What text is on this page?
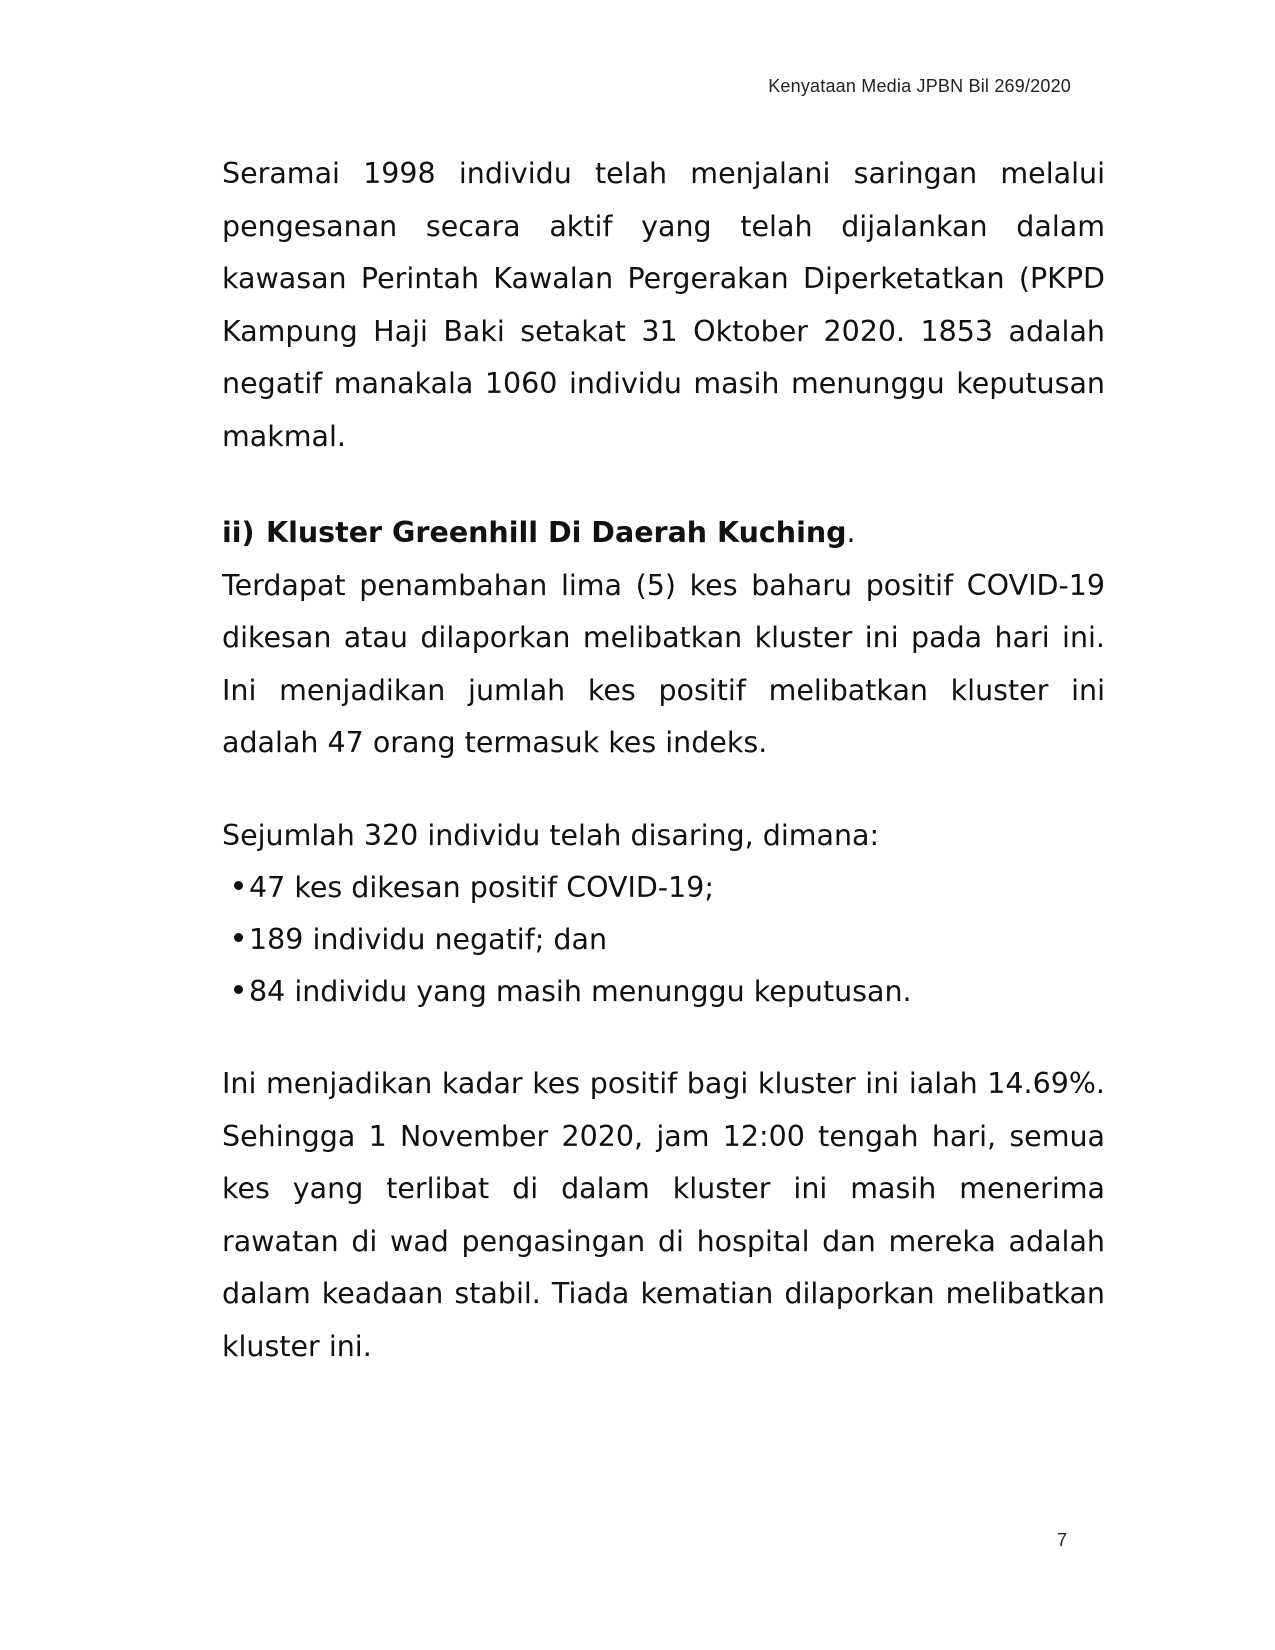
Kenyataan Media JPBN Bil 269/2020

Seramai 1998 individu telah menjalani saringan melalui pengesanan secara aktif yang telah dijalankan dalam kawasan Perintah Kawalan Pergerakan Diperketatkan (PKPD Kampung Haji Baki setakat 31 Oktober 2020. 1853 adalah negatif manakala 1060 individu masih menunggu keputusan makmal.

ii) Kluster Greenhill Di Daerah Kuching .

Terdapat penambahan lima (5) kes baharu positif COVID-19 dikesan atau dilaporkan melibatkan kluster ini pada hari ini. Ini menjadikan jumlah kes positif melibatkan kluster ini adalah 47 orang termasuk kes indeks.

Sejumlah 320 individu telah disaring, dimana:

47 kes dikesan positif COVID-19;
189 individu negatif; dan
84 individu yang masih menunggu keputusan.

Ini menjadikan kadar kes positif bagi kluster ini ialah 14.69%. Sehingga 1 November 2020, jam 12:00 tengah hari, semua kes yang terlibat di dalam kluster ini masih menerima rawatan di wad pengasingan di hospital dan mereka adalah dalam keadaan stabil. Tiada kematian dilaporkan melibatkan kluster ini.

7
